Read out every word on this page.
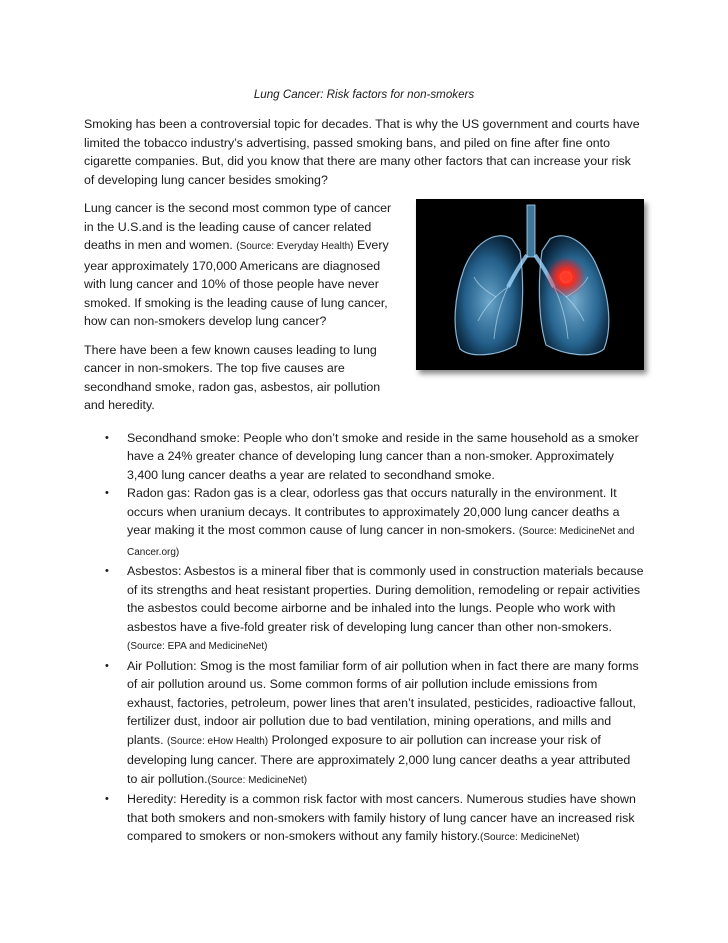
Lung Cancer: Risk factors for non-smokers

Smoking has been a controversial topic for decades. That is why the US government and courts have limited the tobacco industry’s advertising, passed smoking bans, and piled on fine after fine onto cigarette companies. But, did you know that there are many other factors that can increase your risk of developing lung cancer besides smoking?

Lung cancer is the second most common type of cancer in the U.S.and is the leading cause of cancer related deaths in men and women. (Source: Everyday Health) Every year approximately 170,000 Americans are diagnosed with lung cancer and 10% of those people have never smoked. If smoking is the leading cause of lung cancer, how can non-smokers develop lung cancer?

There have been a few known causes leading to lung cancer in non-smokers. The top five causes are secondhand smoke, radon gas, asbestos, air pollution and heredity.

• Secondhand smoke: People who don’t smoke and reside in the same household as a smoker have a 24% greater chance of developing lung cancer than a non-smoker. Approximately 3,400 lung cancer deaths a year are related to secondhand smoke.
• Radon gas: Radon gas is a clear, odorless gas that occurs naturally in the environment. It occurs when uranium decays. It contributes to approximately 20,000 lung cancer deaths a year making it the most common cause of lung cancer in non-smokers. (Source: MedicineNet and Cancer.org)
• Asbestos: Asbestos is a mineral fiber that is commonly used in construction materials because of its strengths and heat resistant properties. During demolition, remodeling or repair activities the asbestos could become airborne and be inhaled into the lungs. People who work with asbestos have a five-fold greater risk of developing lung cancer than other non-smokers. (Source: EPA and MedicineNet)
• Air Pollution: Smog is the most familiar form of air pollution when in fact there are many forms of air pollution around us. Some common forms of air pollution include emissions from exhaust, factories, petroleum, power lines that aren’t insulated, pesticides, radioactive fallout, fertilizer dust, indoor air pollution due to bad ventilation, mining operations, and mills and plants. (Source: eHow Health) Prolonged exposure to air pollution can increase your risk of developing lung cancer. There are approximately 2,000 lung cancer deaths a year attributed to air pollution.(Source: MedicineNet)
• Heredity: Heredity is a common risk factor with most cancers. Numerous studies have shown that both smokers and non-smokers with family history of lung cancer have an increased risk compared to smokers or non-smokers without any family history.(Source: MedicineNet)
